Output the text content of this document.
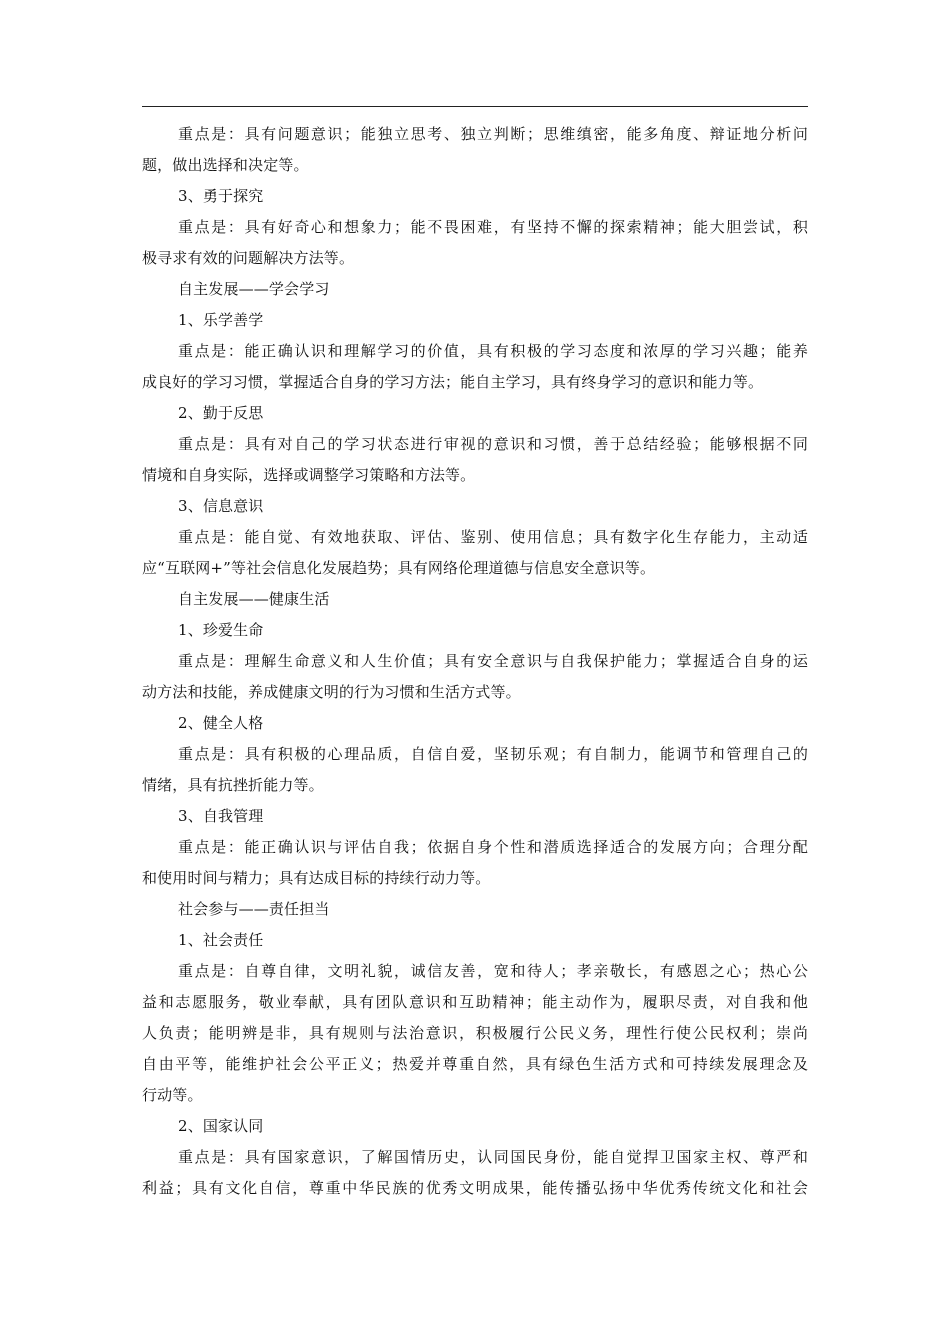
重点是：具有问题意识；能独立思考、独立判断；思维缜密，能多角度、辩证地分析问
题，做出选择和决定等。
3、勇于探究
重点是：具有好奇心和想象力；能不畏困难，有坚持不懈的探索精神；能大胆尝试，积
极寻求有效的问题解决方法等。
自主发展——学会学习
1、乐学善学
重点是：能正确认识和理解学习的价值，具有积极的学习态度和浓厚的学习兴趣；能养
成良好的学习习惯，掌握适合自身的学习方法；能自主学习，具有终身学习的意识和能力等。
2、勤于反思
重点是：具有对自己的学习状态进行审视的意识和习惯，善于总结经验；能够根据不同
情境和自身实际，选择或调整学习策略和方法等。
3、信息意识
重点是：能自觉、有效地获取、评估、鉴别、使用信息；具有数字化生存能力，主动适
应“互联网+”等社会信息化发展趋势；具有网络伦理道德与信息安全意识等。
自主发展——健康生活
1、珍爱生命
重点是：理解生命意义和人生价值；具有安全意识与自我保护能力；掌握适合自身的运
动方法和技能，养成健康文明的行为习惯和生活方式等。
2、健全人格
重点是：具有积极的心理品质，自信自爱，坚韧乐观；有自制力，能调节和管理自己的
情绪，具有抗挫折能力等。
3、自我管理
重点是：能正确认识与评估自我；依据自身个性和潜质选择适合的发展方向；合理分配
和使用时间与精力；具有达成目标的持续行动力等。
社会参与——责任担当
1、社会责任
重点是：自尊自律，文明礼貌，诚信友善，宽和待人；孝亲敬长，有感恩之心；热心公
益和志愿服务，敬业奉献，具有团队意识和互助精神；能主动作为，履职尽责，对自我和他
人负责；能明辨是非，具有规则与法治意识，积极履行公民义务，理性行使公民权利；崇尚
自由平等，能维护社会公平正义；热爱并尊重自然，具有绿色生活方式和可持续发展理念及
行动等。
2、国家认同
重点是：具有国家意识，了解国情历史，认同国民身份，能自觉捍卫国家主权、尊严和
利益；具有文化自信，尊重中华民族的优秀文明成果，能传播弘扬中华优秀传统文化和社会
